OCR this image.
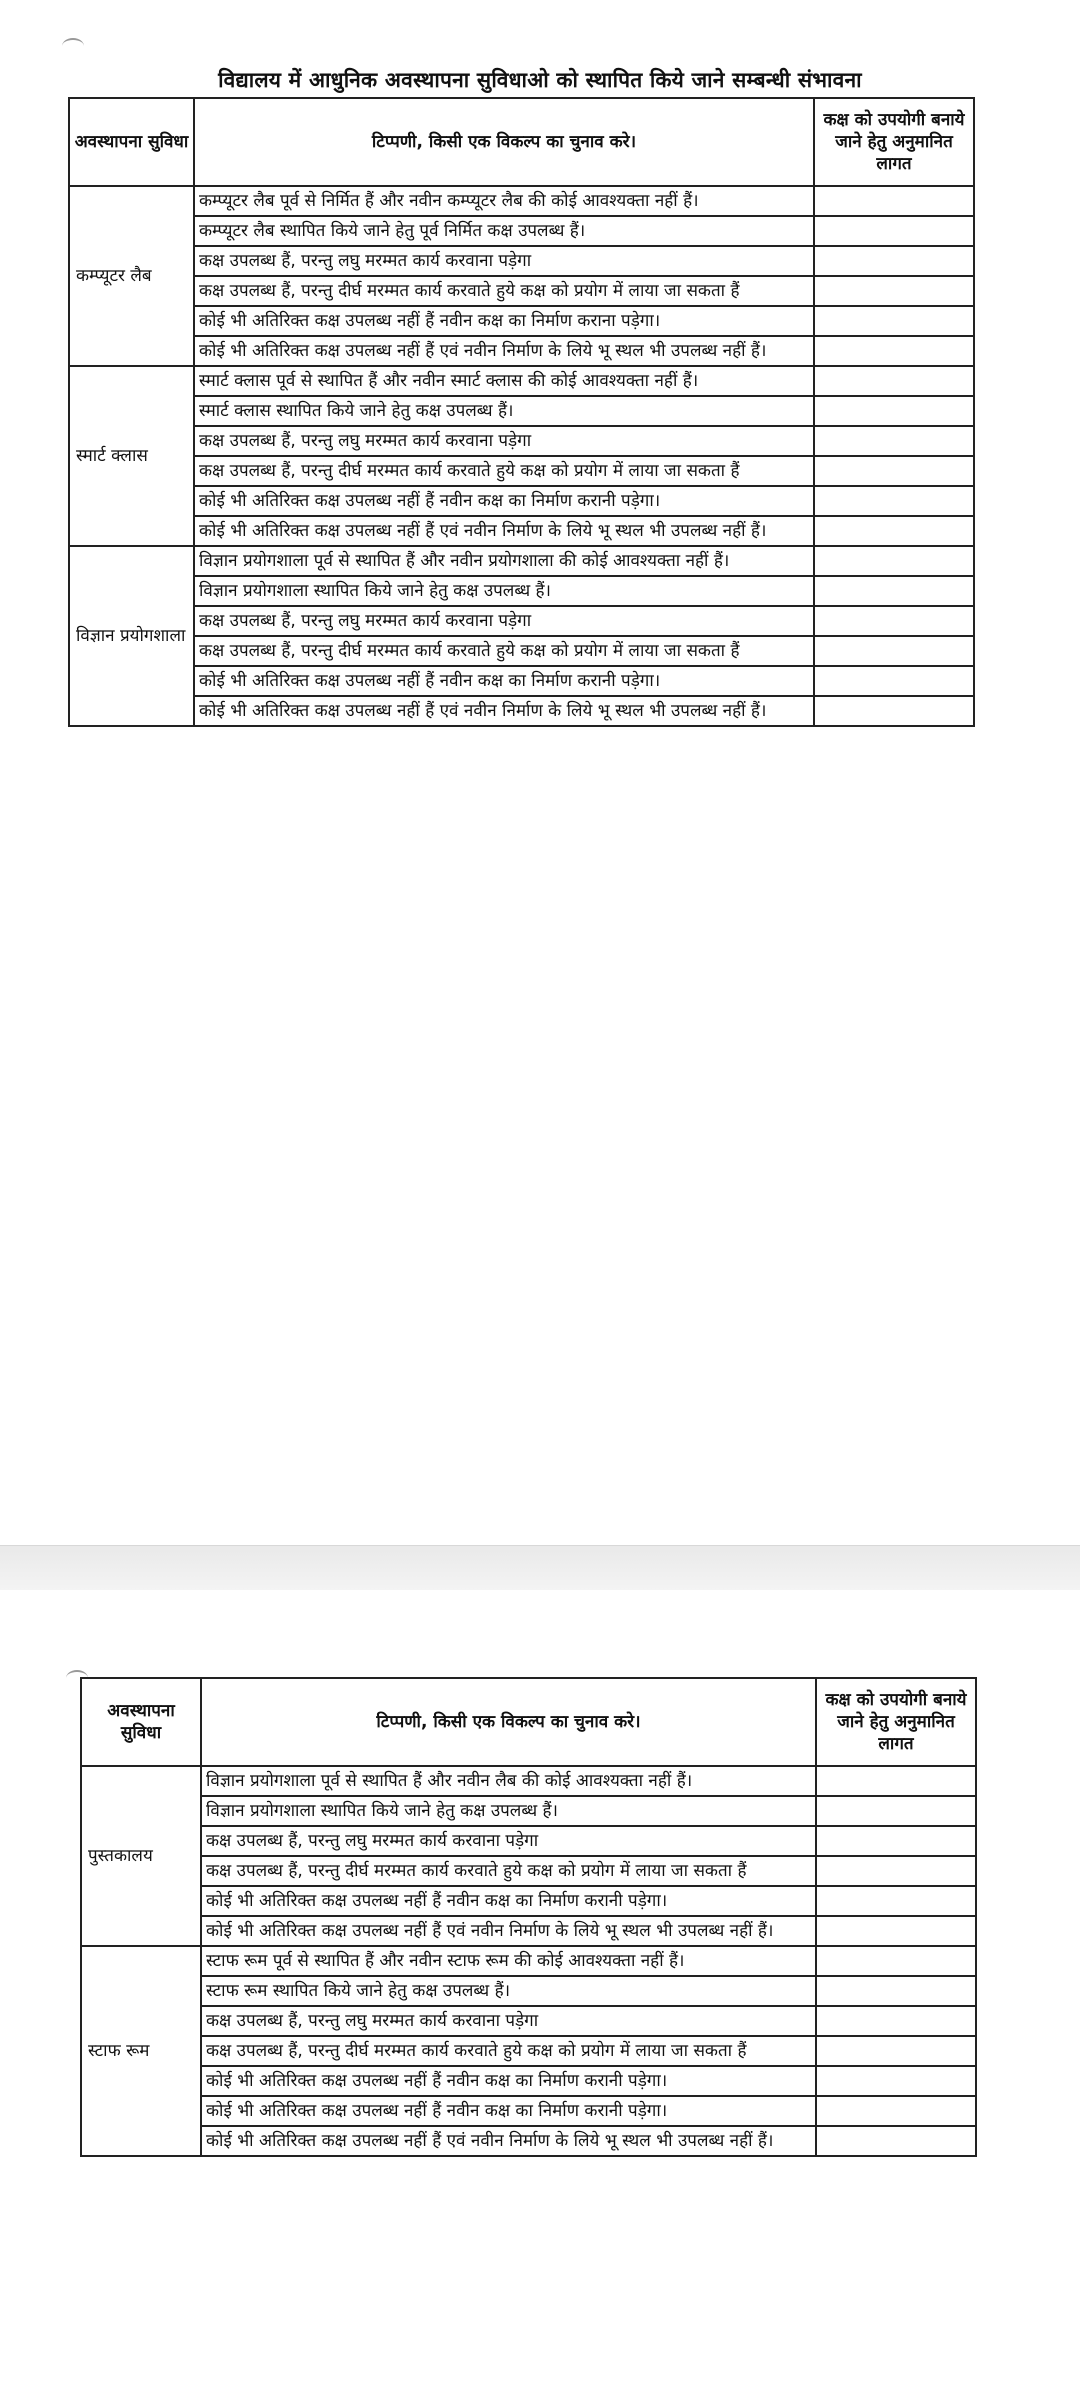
विद्यालय में आधुनिक अवस्थापना सुविधाओ को स्थापित किये जाने सम्बन्धी संभावना
अवस्थापना सुविधा	टिप्पणी, किसी एक विकल्प का चुनाव करे।	कक्ष को उपयोगी बनाये जाने हेतु अनुमानित लागत
कम्प्यूटर लैब	कम्प्यूटर लैब पूर्व से निर्मित हैं और नवीन कम्प्यूटर लैब की कोई आवश्यक्ता नहीं हैं।	
	कम्प्यूटर लैब स्थापित किये जाने हेतु पूर्व निर्मित कक्ष उपलब्ध हैं।	
	कक्ष उपलब्ध हैं, परन्तु लघु मरम्मत कार्य करवाना पड़ेगा	
	कक्ष उपलब्ध हैं, परन्तु दीर्घ मरम्मत कार्य करवाते हुये कक्ष को प्रयोग में लाया जा सकता हैं	
	कोई भी अतिरिक्त कक्ष उपलब्ध नहीं हैं नवीन कक्ष का निर्माण कराना पड़ेगा।	
	कोई भी अतिरिक्त कक्ष उपलब्ध नहीं हैं एवं नवीन निर्माण के लिये भू स्थल भी उपलब्ध नहीं हैं।	
स्मार्ट क्लास	स्मार्ट क्लास पूर्व से स्थापित हैं और नवीन स्मार्ट क्लास की कोई आवश्यक्ता नहीं हैं।	
	स्मार्ट क्लास स्थापित किये जाने हेतु कक्ष उपलब्ध हैं।	
	कक्ष उपलब्ध हैं, परन्तु लघु मरम्मत कार्य करवाना पड़ेगा	
	कक्ष उपलब्ध हैं, परन्तु दीर्घ मरम्मत कार्य करवाते हुये कक्ष को प्रयोग में लाया जा सकता हैं	
	कोई भी अतिरिक्त कक्ष उपलब्ध नहीं हैं नवीन कक्ष का निर्माण करानी पड़ेगा।	
	कोई भी अतिरिक्त कक्ष उपलब्ध नहीं हैं एवं नवीन निर्माण के लिये भू स्थल भी उपलब्ध नहीं हैं।	
विज्ञान प्रयोगशाला	विज्ञान प्रयोगशाला पूर्व से स्थापित हैं और नवीन प्रयोगशाला की कोई आवश्यक्ता नहीं हैं।	
	विज्ञान प्रयोगशाला स्थापित किये जाने हेतु कक्ष उपलब्ध हैं।	
	कक्ष उपलब्ध हैं, परन्तु लघु मरम्मत कार्य करवाना पड़ेगा	
	कक्ष उपलब्ध हैं, परन्तु दीर्घ मरम्मत कार्य करवाते हुये कक्ष को प्रयोग में लाया जा सकता हैं	
	कोई भी अतिरिक्त कक्ष उपलब्ध नहीं हैं नवीन कक्ष का निर्माण करानी पड़ेगा।	
	कोई भी अतिरिक्त कक्ष उपलब्ध नहीं हैं एवं नवीन निर्माण के लिये भू स्थल भी उपलब्ध नहीं हैं।	
अवस्थापना सुविधा	टिप्पणी, किसी एक विकल्प का चुनाव करे।	कक्ष को उपयोगी बनाये जाने हेतु अनुमानित लागत
पुस्तकालय	विज्ञान प्रयोगशाला पूर्व से स्थापित हैं और नवीन लैब की कोई आवश्यक्ता नहीं हैं।	
	विज्ञान प्रयोगशाला स्थापित किये जाने हेतु कक्ष उपलब्ध हैं।	
	कक्ष उपलब्ध हैं, परन्तु लघु मरम्मत कार्य करवाना पड़ेगा	
	कक्ष उपलब्ध हैं, परन्तु दीर्घ मरम्मत कार्य करवाते हुये कक्ष को प्रयोग में लाया जा सकता हैं	
	कोई भी अतिरिक्त कक्ष उपलब्ध नहीं हैं नवीन कक्ष का निर्माण करानी पड़ेगा।	
	कोई भी अतिरिक्त कक्ष उपलब्ध नहीं हैं एवं नवीन निर्माण के लिये भू स्थल भी उपलब्ध नहीं हैं।	
स्टाफ रूम	स्टाफ रूम पूर्व से स्थापित हैं और नवीन स्टाफ रूम की कोई आवश्यक्ता नहीं हैं।	
	स्टाफ रूम स्थापित किये जाने हेतु कक्ष उपलब्ध हैं।	
	कक्ष उपलब्ध हैं, परन्तु लघु मरम्मत कार्य करवाना पड़ेगा	
	कक्ष उपलब्ध हैं, परन्तु दीर्घ मरम्मत कार्य करवाते हुये कक्ष को प्रयोग में लाया जा सकता हैं	
	कोई भी अतिरिक्त कक्ष उपलब्ध नहीं हैं नवीन कक्ष का निर्माण करानी पड़ेगा।	
	कोई भी अतिरिक्त कक्ष उपलब्ध नहीं हैं नवीन कक्ष का निर्माण करानी पड़ेगा।	
	कोई भी अतिरिक्त कक्ष उपलब्ध नहीं हैं एवं नवीन निर्माण के लिये भू स्थल भी उपलब्ध नहीं हैं।	
